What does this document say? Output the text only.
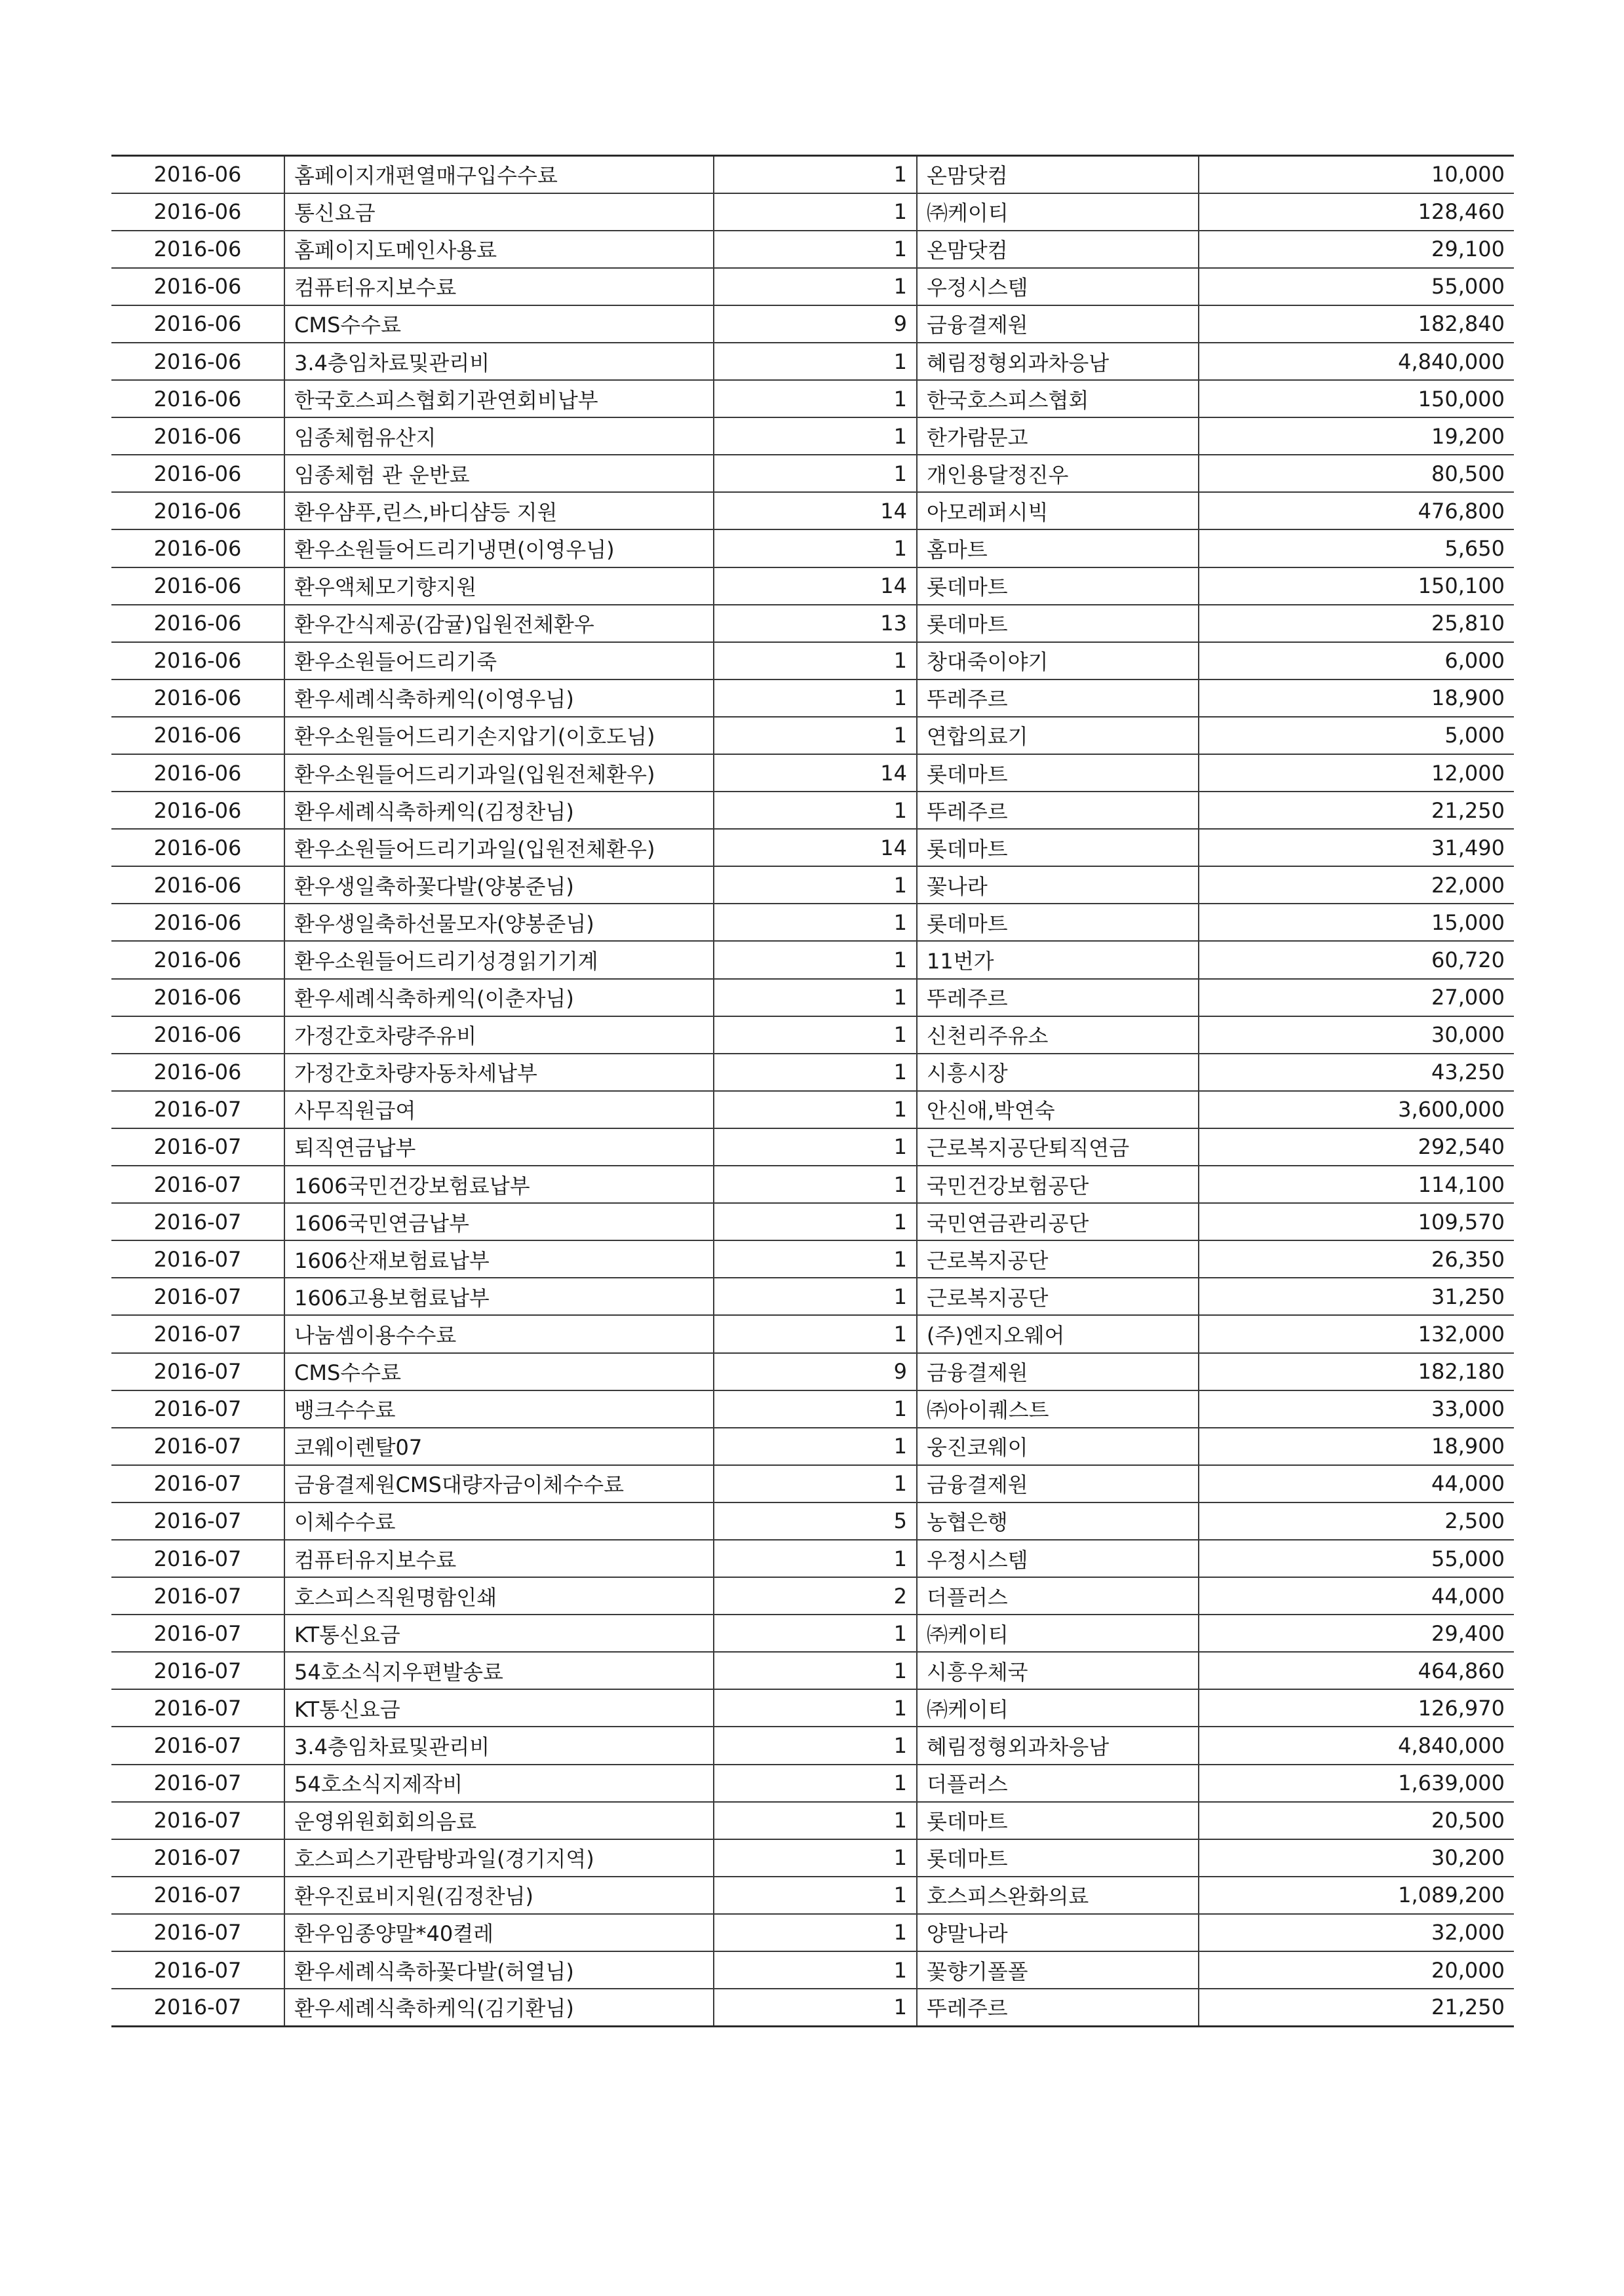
2016-06	홈페이지개편열매구입수수료	1	온맘닷컴	10,000
2016-06	통신요금	1	㈜케이티	128,460
2016-06	홈페이지도메인사용료	1	온맘닷컴	29,100
2016-06	컴퓨터유지보수료	1	우정시스템	55,000
2016-06	CMS수수료	9	금융결제원	182,840
2016-06	3.4층임차료및관리비	1	혜림정형외과차응남	4,840,000
2016-06	한국호스피스협회기관연회비납부	1	한국호스피스협회	150,000
2016-06	임종체험유산지	1	한가람문고	19,200
2016-06	임종체험 관 운반료	1	개인용달정진우	80,500
2016-06	환우샴푸,린스,바디샴등 지원	14	아모레퍼시빅	476,800
2016-06	환우소원들어드리기냉면(이영우님)	1	홈마트	5,650
2016-06	환우액체모기향지원	14	롯데마트	150,100
2016-06	환우간식제공(감귤)입원전체환우	13	롯데마트	25,810
2016-06	환우소원들어드리기죽	1	창대죽이야기	6,000
2016-06	환우세례식축하케익(이영우님)	1	뚜레주르	18,900
2016-06	환우소원들어드리기손지압기(이호도님)	1	연합의료기	5,000
2016-06	환우소원들어드리기과일(입원전체환우)	14	롯데마트	12,000
2016-06	환우세례식축하케익(김정찬님)	1	뚜레주르	21,250
2016-06	환우소원들어드리기과일(입원전체환우)	14	롯데마트	31,490
2016-06	환우생일축하꽃다발(양봉준님)	1	꽃나라	22,000
2016-06	환우생일축하선물모자(양봉준님)	1	롯데마트	15,000
2016-06	환우소원들어드리기성경읽기기계	1	11번가	60,720
2016-06	환우세례식축하케익(이춘자님)	1	뚜레주르	27,000
2016-06	가정간호차량주유비	1	신천리주유소	30,000
2016-06	가정간호차량자동차세납부	1	시흥시장	43,250
2016-07	사무직원급여	1	안신애,박연숙	3,600,000
2016-07	퇴직연금납부	1	근로복지공단퇴직연금	292,540
2016-07	1606국민건강보험료납부	1	국민건강보험공단	114,100
2016-07	1606국민연금납부	1	국민연금관리공단	109,570
2016-07	1606산재보험료납부	1	근로복지공단	26,350
2016-07	1606고용보험료납부	1	근로복지공단	31,250
2016-07	나눔셈이용수수료	1	(주)엔지오웨어	132,000
2016-07	CMS수수료	9	금융결제원	182,180
2016-07	뱅크수수료	1	㈜아이퀘스트	33,000
2016-07	코웨이렌탈07	1	웅진코웨이	18,900
2016-07	금융결제원CMS대량자금이체수수료	1	금융결제원	44,000
2016-07	이체수수료	5	농협은행	2,500
2016-07	컴퓨터유지보수료	1	우정시스템	55,000
2016-07	호스피스직원명함인쇄	2	더플러스	44,000
2016-07	KT통신요금	1	㈜케이티	29,400
2016-07	54호소식지우편발송료	1	시흥우체국	464,860
2016-07	KT통신요금	1	㈜케이티	126,970
2016-07	3.4층임차료및관리비	1	혜림정형외과차응남	4,840,000
2016-07	54호소식지제작비	1	더플러스	1,639,000
2016-07	운영위원회회의음료	1	롯데마트	20,500
2016-07	호스피스기관탐방과일(경기지역)	1	롯데마트	30,200
2016-07	환우진료비지원(김정찬님)	1	호스피스완화의료	1,089,200
2016-07	환우임종양말*40켤레	1	양말나라	32,000
2016-07	환우세례식축하꽃다발(허열님)	1	꽃향기폴폴	20,000
2016-07	환우세례식축하케익(김기환님)	1	뚜레주르	21,250
